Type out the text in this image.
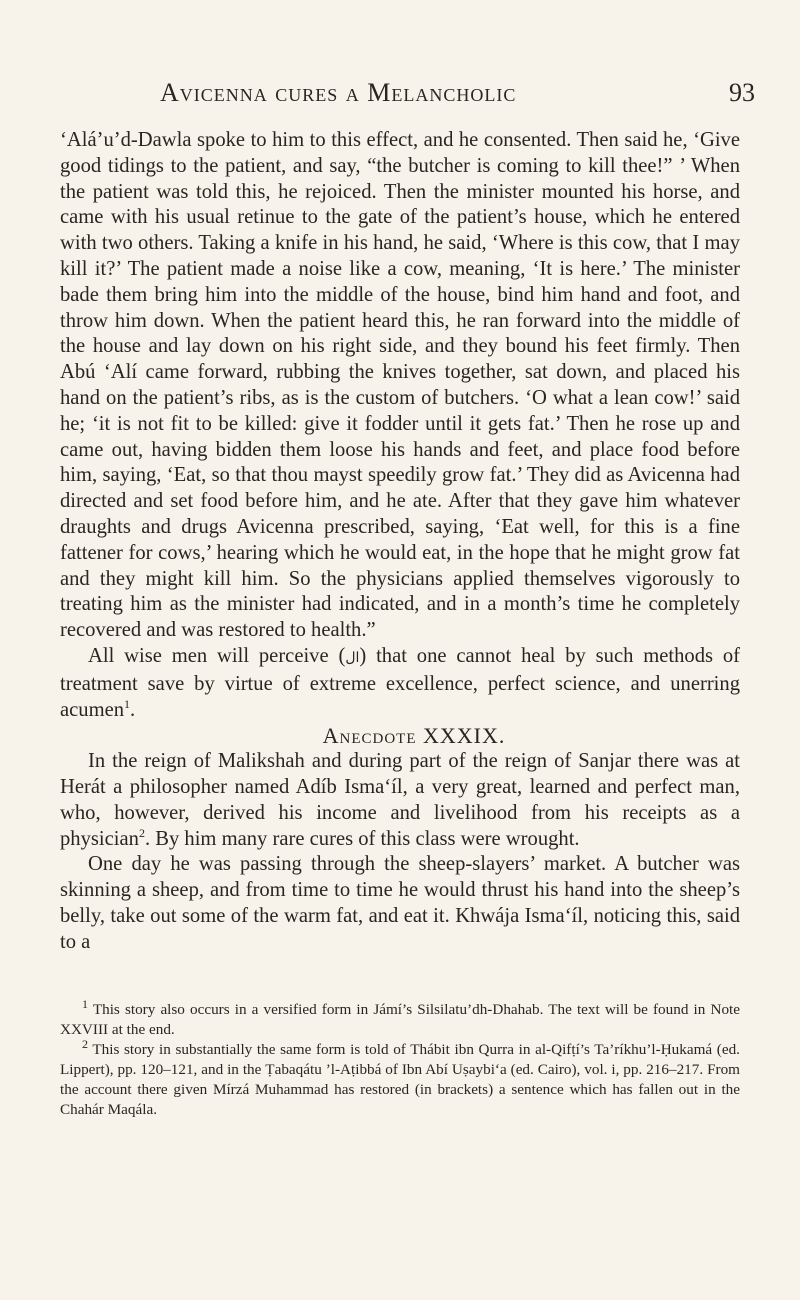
Avicenna cures a Melancholic	93

‘Alá’u’d-Dawla spoke to him to this effect, and he consented. Then said he, ‘Give good tidings to the patient, and say, “the butcher is coming to kill thee!” ’ When the patient was told this, he rejoiced. Then the minister mounted his horse, and came with his usual retinue to the gate of the patient’s house, which he entered with two others. Taking a knife in his hand, he said, ‘Where is this cow, that I may kill it?’ The patient made a noise like a cow, meaning, ‘It is here.’ The minister bade them bring him into the middle of the house, bind him hand and foot, and throw him down. When the patient heard this, he ran forward into the middle of the house and lay down on his right side, and they bound his feet firmly. Then Abú ‘Alí came forward, rubbing the knives together, sat down, and placed his hand on the patient’s ribs, as is the custom of butchers. ‘O what a lean cow!’ said he; ‘it is not fit to be killed: give it fodder until it gets fat.’ Then he rose up and came out, having bidden them loose his hands and feet, and place food before him, saying, ‘Eat, so that thou mayst speedily grow fat.’ They did as Avicenna had directed and set food before him, and he ate. After that they gave him whatever draughts and drugs Avicenna prescribed, saying, ‘Eat well, for this is a fine fattener for cows,’ hearing which he would eat, in the hope that he might grow fat and they might kill him. So the physicians applied themselves vigorously to treating him as the minister had indicated, and in a month’s time he completely recovered and was restored to health.”

All wise men will perceive (ﺍﻝ) that one cannot heal by such methods of treatment save by virtue of extreme excellence, perfect science, and unerring acumen$^1$.

Anecdote XXXIX.

In the reign of Malikshah and during part of the reign of Sanjar there was at Herát a philosopher named Adíb Isma‘íl, a very great, learned and perfect man, who, however, derived his income and livelihood from his receipts as a physician$^2$. By him many rare cures of this class were wrought.

One day he was passing through the sheep-slayers’ market. A butcher was skinning a sheep, and from time to time he would thrust his hand into the sheep’s belly, take out some of the warm fat, and eat it. Khwája Isma‘íl, noticing this, said to a

$^1$ This story also occurs in a versified form in Jámí’s Silsilatu’dh-Dhahab. The text will be found in Note XXVIII at the end.

$^2$ This story in substantially the same form is told of Thábit ibn Qurra in al-Qifṭí’s Ta’ríkhu’l-Ḥukamá (ed. Lippert), pp. 120–121, and in the Ṭabaqátu ’l-Aṭibbá of Ibn Abí Uṣaybi‘a (ed. Cairo), vol. i, pp. 216–217. From the account there given Mírzá Muhammad has restored (in brackets) a sentence which has fallen out in the Chahár Maqála.
